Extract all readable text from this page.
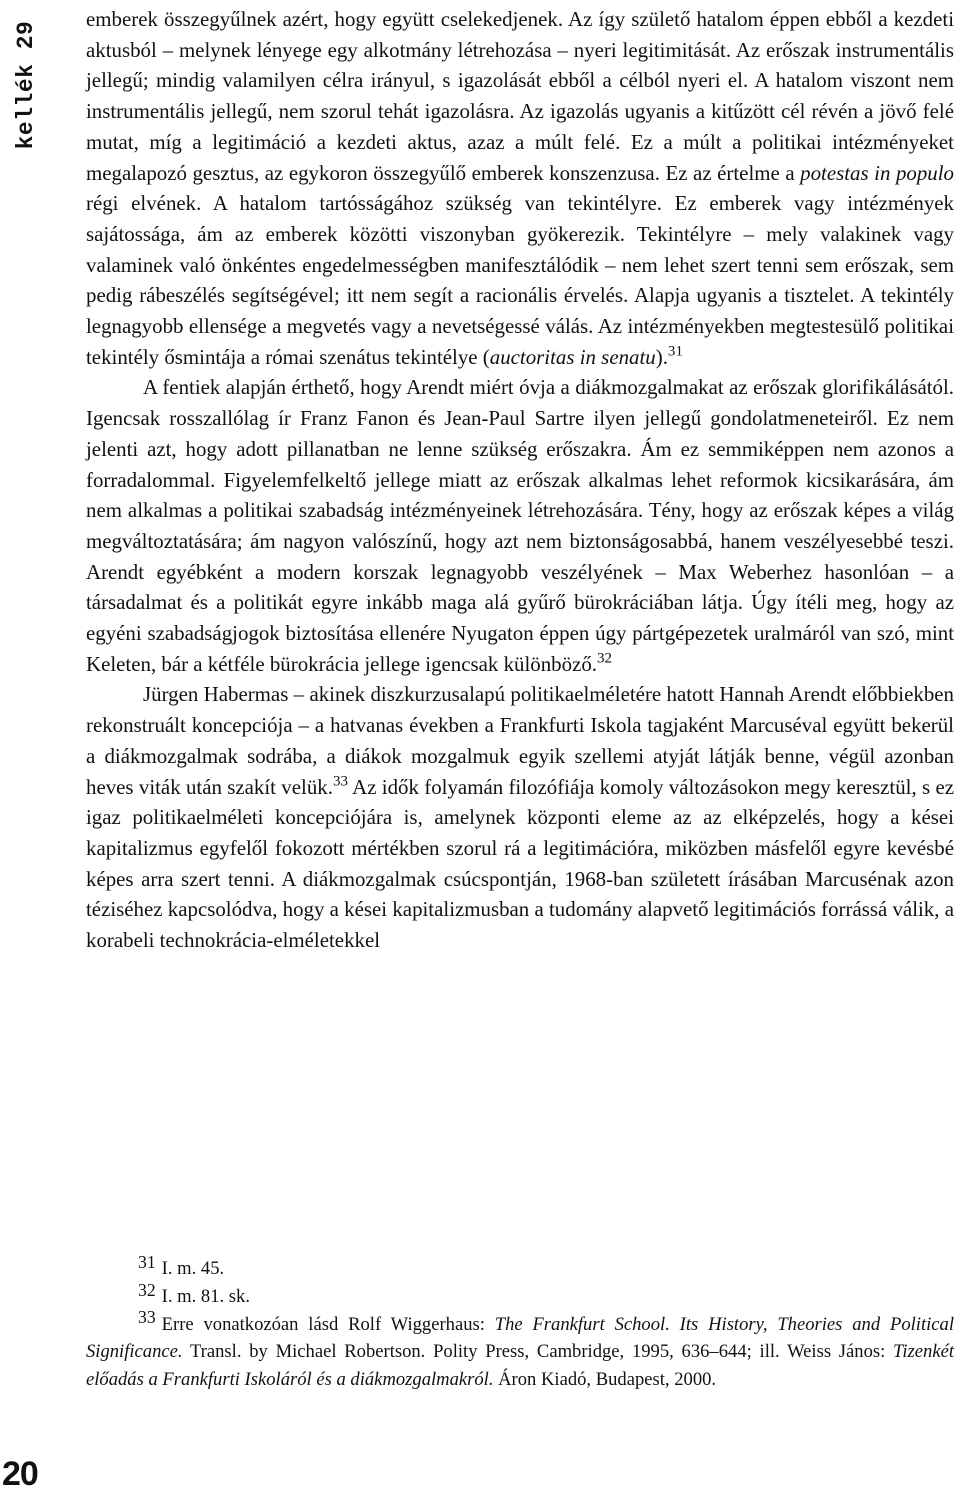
kellék 29

emberek összegyűlnek azért, hogy együtt cselekedjenek. Az így születő hatalom éppen ebből a kezdeti aktusból – melynek lényege egy alkotmány létrehozása – nyeri legitimitását. Az erőszak instrumentális jellegű; mindig valamilyen célra irányul, s igazolását ebből a célból nyeri el. A hatalom viszont nem instrumentális jellegű, nem szorul tehát igazolásra. Az igazolás ugyanis a kitűzött cél révén a jövő felé mutat, míg a legitimáció a kezdeti aktus, azaz a múlt felé. Ez a múlt a politikai intézményeket megalapozó gesztus, az egykoron összegyűlő emberek konszenzusa. Ez az értelme a potestas in populo régi elvének. A hatalom tartósságához szükség van tekintélyre. Ez emberek vagy intézmények sajátossága, ám az emberek közötti viszonyban gyökerezik. Tekintélyre – mely valakinek vagy valaminek való önkéntes engedelmességben manifesztálódik – nem lehet szert tenni sem erőszak, sem pedig rábeszélés segítségével; itt nem segít a racionális érvelés. Alapja ugyanis a tisztelet. A tekintély legnagyobb ellensége a megvetés vagy a nevetségessé válás. Az intézményekben megtestesülő politikai tekintély ősmintája a római szenátus tekintélye (auctoritas in senatu).$^{31}$

A fentiek alapján érthető, hogy Arendt miért óvja a diákmozgalmakat az erőszak glorifikálásától. Igencsak rosszallólag ír Franz Fanon és Jean-Paul Sartre ilyen jellegű gondolatmeneteiről. Ez nem jelenti azt, hogy adott pillanatban ne lenne szükség erőszakra. Ám ez semmiképpen nem azonos a forradalommal. Figyelemfelkeltő jellege miatt az erőszak alkalmas lehet reformok kicsikarására, ám nem alkalmas a politikai szabadság intézményeinek létrehozására. Tény, hogy az erőszak képes a világ megváltoztatására; ám nagyon valószínű, hogy azt nem biztonságosabbá, hanem veszélyesebbé teszi. Arendt egyébként a modern korszak legnagyobb veszélyének – Max Weberhez hasonlóan – a társadalmat és a politikát egyre inkább maga alá gyűrő bürokráciában látja. Úgy ítéli meg, hogy az egyéni szabadságjogok biztosítása ellenére Nyugaton éppen úgy pártgépezetek uralmáról van szó, mint Keleten, bár a kétféle bürokrácia jellege igencsak különböző.$^{32}$

Jürgen Habermas – akinek diszkurzusalapú politikaelméletére hatott Hannah Arendt előbbiekben rekonstruált koncepciója – a hatvanas években a Frankfurti Iskola tagjaként Marcuséval együtt bekerül a diákmozgalmak sodrába, a diákok mozgalmuk egyik szellemi atyját látják benne, végül azonban heves viták után szakít velük.$^{33}$ Az idők folyamán filozófiája komoly változásokon megy keresztül, s ez igaz politikaelméleti koncepciójára is, amelynek központi eleme az az elképzelés, hogy a kései kapitalizmus egyfelől fokozott mértékben szorul rá a legitimációra, miközben másfelől egyre kevésbé képes arra szert tenni. A diákmozgalmak csúcspontján, 1968-ban született írásában Marcusénak azon téziséhez kapcsolódva, hogy a kései kapitalizmusban a tudomány alapvető legitimációs forrássá válik, a korabeli technokrácia-elméletekkel

31 I. m. 45.

32 I. m. 81. sk.

33 Erre vonatkozóan lásd Rolf Wiggerhaus: The Frankfurt School. Its History, Theories and Political Significance. Transl. by Michael Robertson. Polity Press, Cambridge, 1995, 636–644; ill. Weiss János: Tizenkét előadás a Frankfurti Iskoláról és a diákmozgalmakról. Áron Kiadó, Budapest, 2000.

20
